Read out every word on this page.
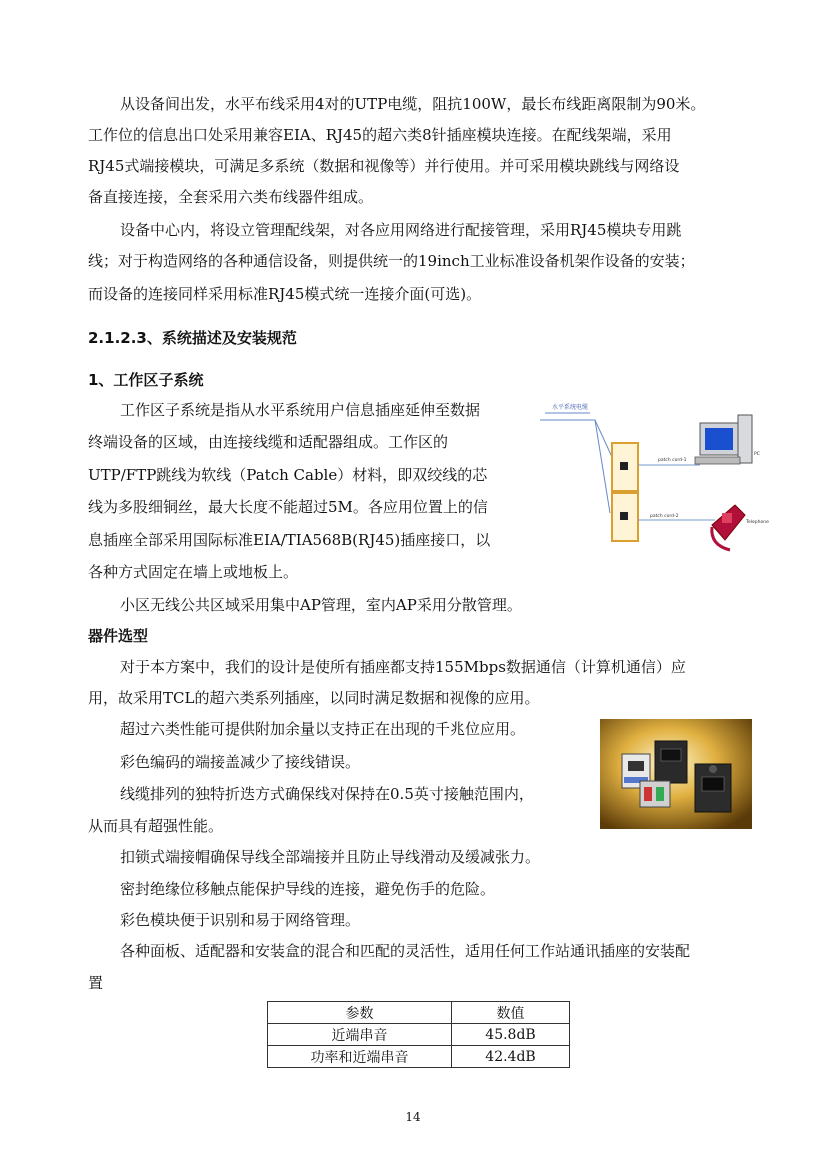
从设备间出发，水平布线采用4对的UTP电缆，阻抗100W，最长布线距离限制为90米。
工作位的信息出口处采用兼容EIA、RJ45的超六类8针插座模块连接。在配线架端，采用
RJ45式端接模块，可满足多系统（数据和视像等）并行使用。并可采用模块跳线与网络设
备直接连接，全套采用六类布线器件组成。
设备中心内，将设立管理配线架，对各应用网络进行配接管理，采用RJ45模块专用跳
线；对于构造网络的各种通信设备，则提供统一的19inch工业标准设备机架作设备的安装；
而设备的连接同样采用标准RJ45模式统一连接介面(可选)。
2.1.2.3、系统描述及安装规范
1、工作区子系统
工作区子系统是指从水平系统用户信息插座延伸至数据
终端设备的区域，由连接线缆和适配器组成。工作区的
UTP/FTP跳线为软线（Patch Cable）材料，即双绞线的芯
线为多股细铜丝，最大长度不能超过5M。各应用位置上的信
息插座全部采用国际标准EIA/TIA568B(RJ45)插座接口，以
各种方式固定在墙上或地板上。
水平系统电缆
patch cord-1
patch cord-2
PC
Telephone
小区无线公共区域采用集中AP管理，室内AP采用分散管理。
器件选型
对于本方案中，我们的设计是使所有插座都支持155Mbps数据通信（计算机通信）应
用，故采用TCL的超六类系列插座，以同时满足数据和视像的应用。
超过六类性能可提供附加余量以支持正在出现的千兆位应用。
彩色编码的端接盖减少了接线错误。
线缆排列的独特折迭方式确保线对保持在0.5英寸接触范围内，
从而具有超强性能。
扣锁式端接帽确保导线全部端接并且防止导线滑动及缓减张力。
密封绝缘位移触点能保护导线的连接，避免伤手的危险。
彩色模块便于识别和易于网络管理。
各种面板、适配器和安装盒的混合和匹配的灵活性，适用任何工作站通讯插座的安装配
置
参数	数值
近端串音	45.8dB
功率和近端串音	42.4dB
14
